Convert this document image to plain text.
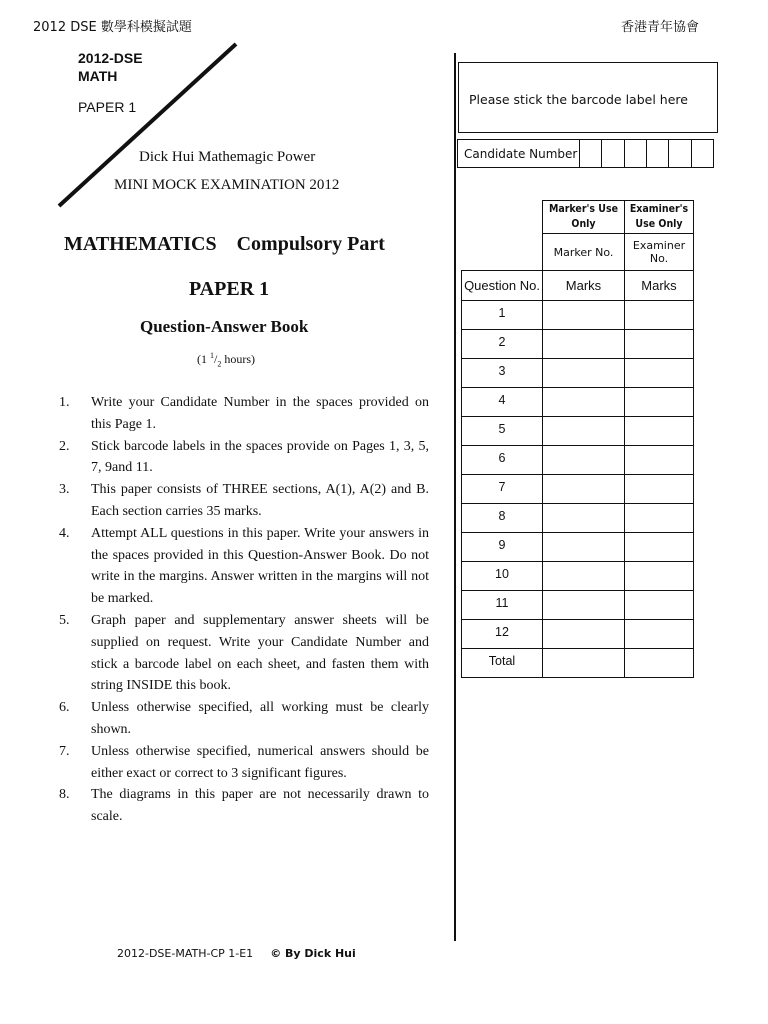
2012 DSE 數學科模擬試題	香港青年協會
2012-DSE
MATH
PAPER 1
Dick Hui Mathemagic Power
MINI MOCK EXAMINATION 2012
MATHEMATICS    Compulsory Part
PAPER 1
Question-Answer Book
(1 $^1/_2$ hours)
1. Write your Candidate Number in the spaces provided on this Page 1.
2. Stick barcode labels in the spaces provide on Pages 1, 3, 5, 7, 9and 11.
3. This paper consists of THREE sections, A(1), A(2) and B. Each section carries 35 marks.
4. Attempt ALL questions in this paper. Write your answers in the spaces provided in this Question-Answer Book. Do not write in the margins. Answer written in the margins will not be marked.
5. Graph paper and supplementary answer sheets will be supplied on request. Write your Candidate Number and stick a barcode label on each sheet, and fasten them with string INSIDE this book.
6. Unless otherwise specified, all working must be clearly shown.
7. Unless otherwise specified, numerical answers should be either exact or correct to 3 significant figures.
8. The diagrams in this paper are not necessarily drawn to scale.
Please stick the barcode label here
Candidate Number
	Marker's Use Only	Examiner's Use Only
	Marker No.	Examiner No.
Question No.	Marks	Marks
1		
2		
3		
4		
5		
6		
7		
8		
9		
10		
11		
12		
Total		
2012-DSE-MATH-CP 1-E1 © By Dick Hui
